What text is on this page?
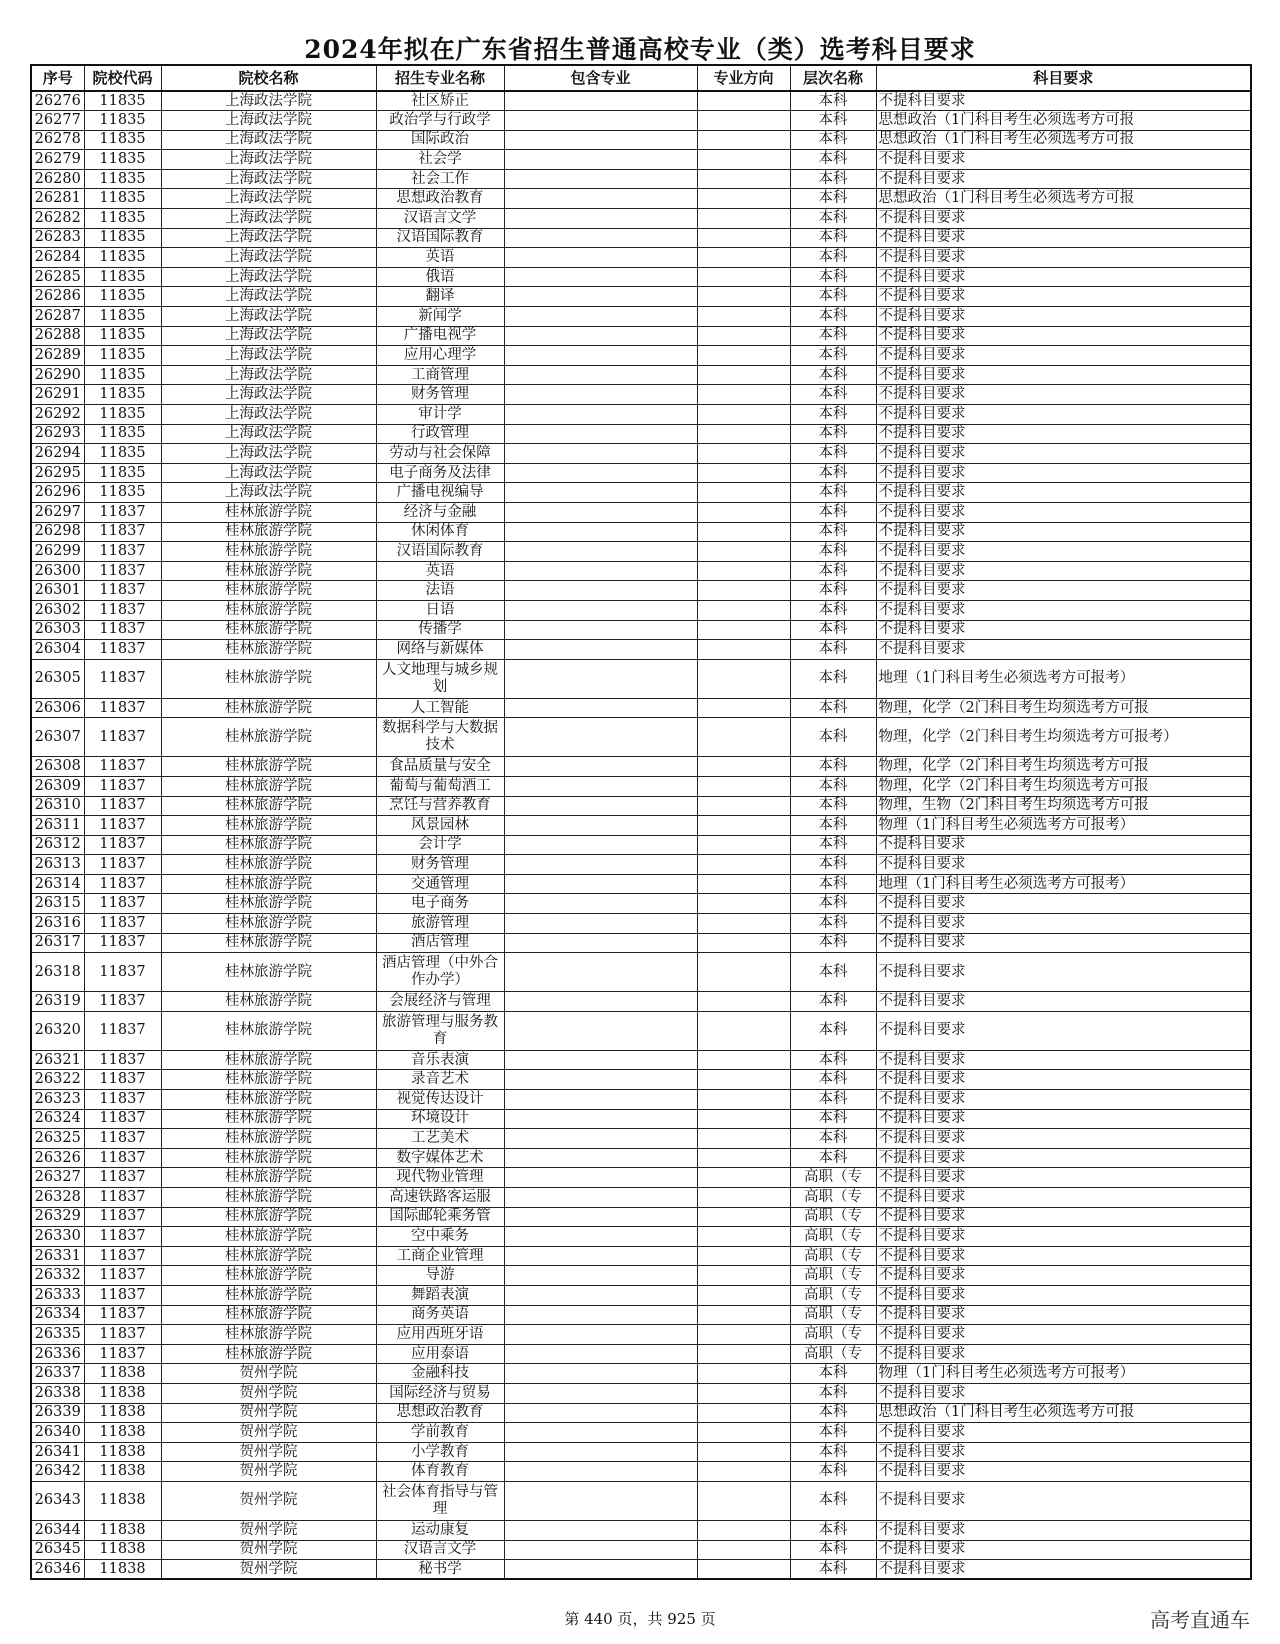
2024年拟在广东省招生普通高校专业（类）选考科目要求
序号	院校代码	院校名称	招生专业名称	包含专业	专业方向	层次名称	科目要求
26276	11835	上海政法学院	社区矫正			本科	不提科目要求
26277	11835	上海政法学院	政治学与行政学			本科	思想政治（1门科目考生必须选考方可报
26278	11835	上海政法学院	国际政治			本科	思想政治（1门科目考生必须选考方可报
26279	11835	上海政法学院	社会学			本科	不提科目要求
26280	11835	上海政法学院	社会工作			本科	不提科目要求
26281	11835	上海政法学院	思想政治教育			本科	思想政治（1门科目考生必须选考方可报
26282	11835	上海政法学院	汉语言文学			本科	不提科目要求
26283	11835	上海政法学院	汉语国际教育			本科	不提科目要求
26284	11835	上海政法学院	英语			本科	不提科目要求
26285	11835	上海政法学院	俄语			本科	不提科目要求
26286	11835	上海政法学院	翻译			本科	不提科目要求
26287	11835	上海政法学院	新闻学			本科	不提科目要求
26288	11835	上海政法学院	广播电视学			本科	不提科目要求
26289	11835	上海政法学院	应用心理学			本科	不提科目要求
26290	11835	上海政法学院	工商管理			本科	不提科目要求
26291	11835	上海政法学院	财务管理			本科	不提科目要求
26292	11835	上海政法学院	审计学			本科	不提科目要求
26293	11835	上海政法学院	行政管理			本科	不提科目要求
26294	11835	上海政法学院	劳动与社会保障			本科	不提科目要求
26295	11835	上海政法学院	电子商务及法律			本科	不提科目要求
26296	11835	上海政法学院	广播电视编导			本科	不提科目要求
26297	11837	桂林旅游学院	经济与金融			本科	不提科目要求
26298	11837	桂林旅游学院	休闲体育			本科	不提科目要求
26299	11837	桂林旅游学院	汉语国际教育			本科	不提科目要求
26300	11837	桂林旅游学院	英语			本科	不提科目要求
26301	11837	桂林旅游学院	法语			本科	不提科目要求
26302	11837	桂林旅游学院	日语			本科	不提科目要求
26303	11837	桂林旅游学院	传播学			本科	不提科目要求
26304	11837	桂林旅游学院	网络与新媒体			本科	不提科目要求
26305	11837	桂林旅游学院	人文地理与城乡规划			本科	地理（1门科目考生必须选考方可报考）
26306	11837	桂林旅游学院	人工智能			本科	物理，化学（2门科目考生均须选考方可报
26307	11837	桂林旅游学院	数据科学与大数据技术			本科	物理，化学（2门科目考生均须选考方可报考）
26308	11837	桂林旅游学院	食品质量与安全			本科	物理，化学（2门科目考生均须选考方可报
26309	11837	桂林旅游学院	葡萄与葡萄酒工			本科	物理，化学（2门科目考生均须选考方可报
26310	11837	桂林旅游学院	烹饪与营养教育			本科	物理，生物（2门科目考生均须选考方可报
26311	11837	桂林旅游学院	风景园林			本科	物理（1门科目考生必须选考方可报考）
26312	11837	桂林旅游学院	会计学			本科	不提科目要求
26313	11837	桂林旅游学院	财务管理			本科	不提科目要求
26314	11837	桂林旅游学院	交通管理			本科	地理（1门科目考生必须选考方可报考）
26315	11837	桂林旅游学院	电子商务			本科	不提科目要求
26316	11837	桂林旅游学院	旅游管理			本科	不提科目要求
26317	11837	桂林旅游学院	酒店管理			本科	不提科目要求
26318	11837	桂林旅游学院	酒店管理（中外合作办学）			本科	不提科目要求
26319	11837	桂林旅游学院	会展经济与管理			本科	不提科目要求
26320	11837	桂林旅游学院	旅游管理与服务教育			本科	不提科目要求
26321	11837	桂林旅游学院	音乐表演			本科	不提科目要求
26322	11837	桂林旅游学院	录音艺术			本科	不提科目要求
26323	11837	桂林旅游学院	视觉传达设计			本科	不提科目要求
26324	11837	桂林旅游学院	环境设计			本科	不提科目要求
26325	11837	桂林旅游学院	工艺美术			本科	不提科目要求
26326	11837	桂林旅游学院	数字媒体艺术			本科	不提科目要求
26327	11837	桂林旅游学院	现代物业管理			高职（专	不提科目要求
26328	11837	桂林旅游学院	高速铁路客运服			高职（专	不提科目要求
26329	11837	桂林旅游学院	国际邮轮乘务管			高职（专	不提科目要求
26330	11837	桂林旅游学院	空中乘务			高职（专	不提科目要求
26331	11837	桂林旅游学院	工商企业管理			高职（专	不提科目要求
26332	11837	桂林旅游学院	导游			高职（专	不提科目要求
26333	11837	桂林旅游学院	舞蹈表演			高职（专	不提科目要求
26334	11837	桂林旅游学院	商务英语			高职（专	不提科目要求
26335	11837	桂林旅游学院	应用西班牙语			高职（专	不提科目要求
26336	11837	桂林旅游学院	应用泰语			高职（专	不提科目要求
26337	11838	贺州学院	金融科技			本科	物理（1门科目考生必须选考方可报考）
26338	11838	贺州学院	国际经济与贸易			本科	不提科目要求
26339	11838	贺州学院	思想政治教育			本科	思想政治（1门科目考生必须选考方可报
26340	11838	贺州学院	学前教育			本科	不提科目要求
26341	11838	贺州学院	小学教育			本科	不提科目要求
26342	11838	贺州学院	体育教育			本科	不提科目要求
26343	11838	贺州学院	社会体育指导与管理			本科	不提科目要求
26344	11838	贺州学院	运动康复			本科	不提科目要求
26345	11838	贺州学院	汉语言文学			本科	不提科目要求
26346	11838	贺州学院	秘书学			本科	不提科目要求
第 440 页，共 925 页	高考直通车
